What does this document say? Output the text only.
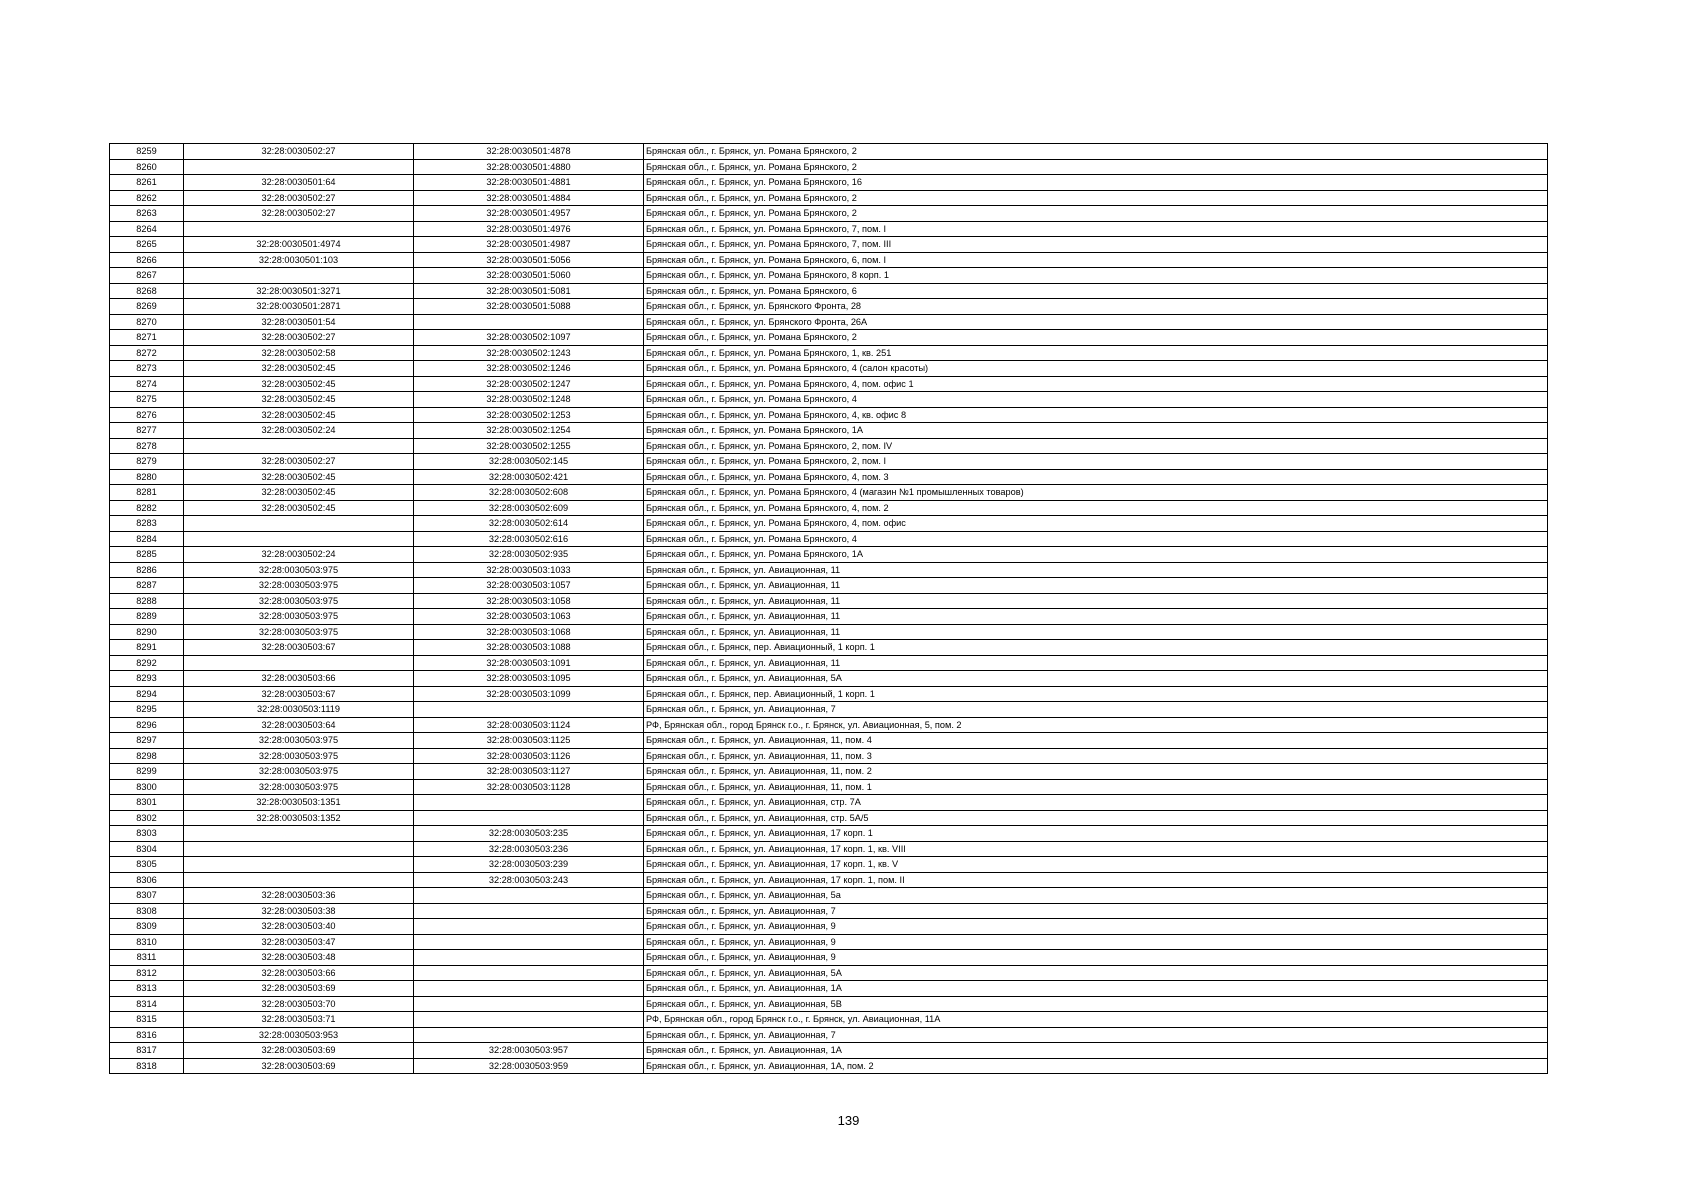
8259	32:28:0030502:27	32:28:0030501:4878	Брянская обл., г. Брянск, ул. Романа Брянского, 2
8260		32:28:0030501:4880	Брянская обл., г. Брянск, ул. Романа Брянского, 2
8261	32:28:0030501:64	32:28:0030501:4881	Брянская обл., г. Брянск, ул. Романа Брянского, 16
8262	32:28:0030502:27	32:28:0030501:4884	Брянская обл., г. Брянск, ул. Романа Брянского, 2
8263	32:28:0030502:27	32:28:0030501:4957	Брянская обл., г. Брянск, ул. Романа Брянского, 2
8264		32:28:0030501:4976	Брянская обл., г. Брянск, ул. Романа Брянского, 7, пом. I
8265	32:28:0030501:4974	32:28:0030501:4987	Брянская обл., г. Брянск, ул. Романа Брянского, 7, пом. III
8266	32:28:0030501:103	32:28:0030501:5056	Брянская обл., г. Брянск, ул. Романа Брянского, 6, пом. I
8267		32:28:0030501:5060	Брянская обл., г. Брянск, ул. Романа Брянского, 8 корп. 1
8268	32:28:0030501:3271	32:28:0030501:5081	Брянская обл., г. Брянск, ул. Романа Брянского, 6
8269	32:28:0030501:2871	32:28:0030501:5088	Брянская обл., г. Брянск, ул. Брянского Фронта, 28
8270	32:28:0030501:54		Брянская обл., г. Брянск, ул. Брянского Фронта, 26А
8271	32:28:0030502:27	32:28:0030502:1097	Брянская обл., г. Брянск, ул. Романа Брянского, 2
8272	32:28:0030502:58	32:28:0030502:1243	Брянская обл., г. Брянск, ул. Романа Брянского, 1, кв. 251
8273	32:28:0030502:45	32:28:0030502:1246	Брянская обл., г. Брянск, ул. Романа Брянского, 4 (салон красоты)
8274	32:28:0030502:45	32:28:0030502:1247	Брянская обл., г. Брянск, ул. Романа Брянского, 4, пом. офис 1
8275	32:28:0030502:45	32:28:0030502:1248	Брянская обл., г. Брянск, ул. Романа Брянского, 4
8276	32:28:0030502:45	32:28:0030502:1253	Брянская обл., г. Брянск, ул. Романа Брянского, 4, кв. офис 8
8277	32:28:0030502:24	32:28:0030502:1254	Брянская обл., г. Брянск, ул. Романа Брянского, 1А
8278		32:28:0030502:1255	Брянская обл., г. Брянск, ул. Романа Брянского, 2, пом. IV
8279	32:28:0030502:27	32:28:0030502:145	Брянская обл., г. Брянск, ул. Романа Брянского, 2, пом. I
8280	32:28:0030502:45	32:28:0030502:421	Брянская обл., г. Брянск, ул. Романа Брянского, 4, пом. 3
8281	32:28:0030502:45	32:28:0030502:608	Брянская обл., г. Брянск, ул. Романа Брянского, 4 (магазин №1 промышленных товаров)
8282	32:28:0030502:45	32:28:0030502:609	Брянская обл., г. Брянск, ул. Романа Брянского, 4, пом. 2
8283		32:28:0030502:614	Брянская обл., г. Брянск, ул. Романа Брянского, 4, пом. офис
8284		32:28:0030502:616	Брянская обл., г. Брянск, ул. Романа Брянского, 4
8285	32:28:0030502:24	32:28:0030502:935	Брянская обл., г. Брянск, ул. Романа Брянского, 1А
8286	32:28:0030503:975	32:28:0030503:1033	Брянская обл., г. Брянск, ул. Авиационная, 11
8287	32:28:0030503:975	32:28:0030503:1057	Брянская обл., г. Брянск, ул. Авиационная, 11
8288	32:28:0030503:975	32:28:0030503:1058	Брянская обл., г. Брянск, ул. Авиационная, 11
8289	32:28:0030503:975	32:28:0030503:1063	Брянская обл., г. Брянск, ул. Авиационная, 11
8290	32:28:0030503:975	32:28:0030503:1068	Брянская обл., г. Брянск, ул. Авиационная, 11
8291	32:28:0030503:67	32:28:0030503:1088	Брянская обл., г. Брянск, пер. Авиационный, 1 корп. 1
8292		32:28:0030503:1091	Брянская обл., г. Брянск, ул. Авиационная, 11
8293	32:28:0030503:66	32:28:0030503:1095	Брянская обл., г. Брянск, ул. Авиационная, 5А
8294	32:28:0030503:67	32:28:0030503:1099	Брянская обл., г. Брянск, пер. Авиационный, 1 корп. 1
8295	32:28:0030503:1119		Брянская обл., г. Брянск, ул. Авиационная, 7
8296	32:28:0030503:64	32:28:0030503:1124	РФ, Брянская обл., город Брянск г.о., г. Брянск, ул. Авиационная, 5, пом. 2
8297	32:28:0030503:975	32:28:0030503:1125	Брянская обл., г. Брянск, ул. Авиационная, 11, пом. 4
8298	32:28:0030503:975	32:28:0030503:1126	Брянская обл., г. Брянск, ул. Авиационная, 11, пом. 3
8299	32:28:0030503:975	32:28:0030503:1127	Брянская обл., г. Брянск, ул. Авиационная, 11, пом. 2
8300	32:28:0030503:975	32:28:0030503:1128	Брянская обл., г. Брянск, ул. Авиационная, 11, пом. 1
8301	32:28:0030503:1351		Брянская обл., г. Брянск, ул. Авиационная, стр. 7А
8302	32:28:0030503:1352		Брянская обл., г. Брянск, ул. Авиационная, стр. 5А/5
8303		32:28:0030503:235	Брянская обл., г. Брянск, ул. Авиационная, 17 корп. 1
8304		32:28:0030503:236	Брянская обл., г. Брянск, ул. Авиационная, 17 корп. 1, кв. VIII
8305		32:28:0030503:239	Брянская обл., г. Брянск, ул. Авиационная, 17 корп. 1, кв. V
8306		32:28:0030503:243	Брянская обл., г. Брянск, ул. Авиационная, 17 корп. 1, пом. II
8307	32:28:0030503:36		Брянская обл., г. Брянск, ул. Авиационная, 5а
8308	32:28:0030503:38		Брянская обл., г. Брянск, ул. Авиационная, 7
8309	32:28:0030503:40		Брянская обл., г. Брянск, ул. Авиационная, 9
8310	32:28:0030503:47		Брянская обл., г. Брянск, ул. Авиационная, 9
8311	32:28:0030503:48		Брянская обл., г. Брянск, ул. Авиационная, 9
8312	32:28:0030503:66		Брянская обл., г. Брянск, ул. Авиационная, 5А
8313	32:28:0030503:69		Брянская обл., г. Брянск, ул. Авиационная, 1А
8314	32:28:0030503:70		Брянская обл., г. Брянск, ул. Авиационная, 5В
8315	32:28:0030503:71		РФ, Брянская обл., город Брянск г.о., г. Брянск, ул. Авиационная, 11А
8316	32:28:0030503:953		Брянская обл., г. Брянск, ул. Авиационная, 7
8317	32:28:0030503:69	32:28:0030503:957	Брянская обл., г. Брянск, ул. Авиационная, 1А
8318	32:28:0030503:69	32:28:0030503:959	Брянская обл., г. Брянск, ул. Авиационная, 1А, пом. 2
139
